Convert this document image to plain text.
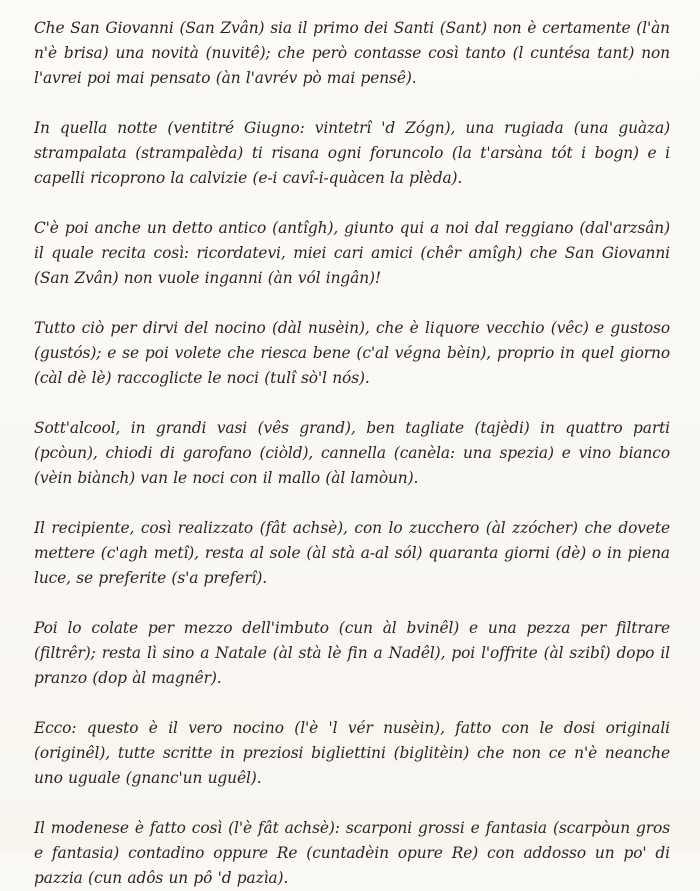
Che San Giovanni (San Zvân) sia il primo dei Santi (Sant) non è certamente (l'àn n'è brisa) una novità (nuvitê); che però contasse così tanto (l cuntésa tant) non l'avrei poi mai pensato (àn l'avrév pò mai pensê).

In quella notte (ventitré Giugno: vintetrî 'd Zógn), una rugiada (una guàza) strampalata (strampalèda) ti risana ogni foruncolo (la t'arsàna tót i bogn) e i capelli ricoprono la calvizie (e-i cavî-i-quàcen la plèda).

C'è poi anche un detto antico (antîgh), giunto qui a noi dal reggiano (dal'arzsân) il quale recita così: ricordatevi, miei cari amici (chêr amîgh) che San Giovanni (San Zvân) non vuole inganni (àn vól ingân)!

Tutto ciò per dirvi del nocino (dàl nusèin), che è liquore vecchio (vêc) e gustoso (gustós); e se poi volete che riesca bene (c'al végna bèin), proprio in quel giorno (càl dè lè) raccoglicte le noci (tulî sò'l nós).

Sott'alcool, in grandi vasi (vês grand), ben tagliate (tajèdi) in quattro parti (pcòun), chiodi di garofano (ciòld), cannella (canèla: una spezia) e vino bianco (vèin biànch) van le noci con il mallo (àl lamòun).

Il recipiente, così realizzato (fât achsè), con lo zucchero (àl zzócher) che dovete mettere (c'agh metî), resta al sole (àl stà a-al sól) quaranta giorni (dè) o in piena luce, se preferite (s'a preferî).

Poi lo colate per mezzo dell'imbuto (cun àl bvinêl) e una pezza per filtrare (filtrêr); resta lì sino a Natale (àl stà lè fin a Nadêl), poi l'offrite (àl szibî) dopo il pranzo (dop àl magnêr).

Ecco: questo è il vero nocino (l'è 'l vér nusèin), fatto con le dosi originali (originêl), tutte scritte in preziosi bigliettini (biglitèin) che non ce n'è neanche uno uguale (gnanc'un uguêl).

Il modenese è fatto così (l'è fât achsè): scarponi grossi e fantasia (scarpòun gros e fantasia) contadino oppure Re (cuntadèin opure Re) con addosso un po' di pazzia (cun adôs un pô 'd pazìa).
